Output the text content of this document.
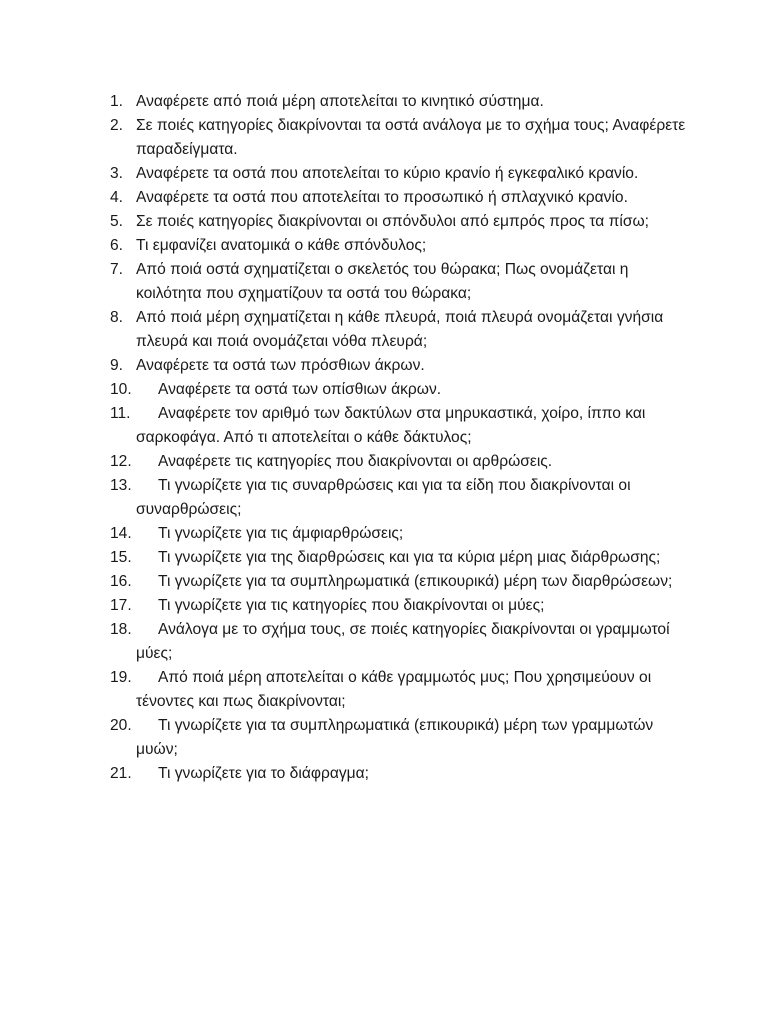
1. Αναφέρετε από ποιά μέρη αποτελείται το κινητικό σύστημα.
2. Σε ποιές κατηγορίες διακρίνονται τα οστά ανάλογα με το σχήμα τους; Αναφέρετε παραδείγματα.
3. Αναφέρετε τα οστά που αποτελείται το κύριο κρανίο ή εγκεφαλικό κρανίο.
4. Αναφέρετε τα οστά που αποτελείται το προσωπικό ή σπλαχνικό κρανίο.
5. Σε ποιές κατηγορίες διακρίνονται οι σπόνδυλοι από εμπρός προς τα πίσω;
6. Τι εμφανίζει ανατομικά ο κάθε σπόνδυλος;
7. Από ποιά οστά σχηματίζεται ο σκελετός του θώρακα; Πως ονομάζεται η κοιλότητα που σχηματίζουν τα οστά του θώρακα;
8. Από ποιά μέρη σχηματίζεται η κάθε πλευρά, ποιά πλευρά ονομάζεται γνήσια πλευρά και ποιά ονομάζεται νόθα πλευρά;
9. Αναφέρετε τα οστά των πρόσθιων άκρων.
10.	Αναφέρετε τα οστά των οπίσθιων άκρων.
11.	Αναφέρετε τον αριθμό των δακτύλων στα μηρυκαστικά, χοίρο, ίππο και σαρκοφάγα. Από τι αποτελείται ο κάθε δάκτυλος;
12.	Αναφέρετε τις κατηγορίες που διακρίνονται οι αρθρώσεις.
13.	Τι γνωρίζετε για τις συναρθρώσεις και για τα είδη που διακρίνονται οι συναρθρώσεις;
14.	Τι γνωρίζετε για τις άμφιαρθρώσεις;
15.	Τι γνωρίζετε για της διαρθρώσεις και για τα κύρια μέρη μιας διάρθρωσης;
16.	Τι γνωρίζετε για τα συμπληρωματικά (επικουρικά) μέρη των διαρθρώσεων;
17.	Τι γνωρίζετε για τις κατηγορίες που διακρίνονται οι μύες;
18.	Ανάλογα με το σχήμα τους, σε ποιές κατηγορίες διακρίνονται οι γραμμωτοί μύες;
19.	Από ποιά μέρη αποτελείται ο κάθε γραμμωτός μυς; Που χρησιμεύουν οι τένοντες και πως διακρίνονται;
20.	Τι γνωρίζετε για τα συμπληρωματικά (επικουρικά) μέρη των γραμμωτών μυών;
21.	Τι γνωρίζετε για το διάφραγμα;
